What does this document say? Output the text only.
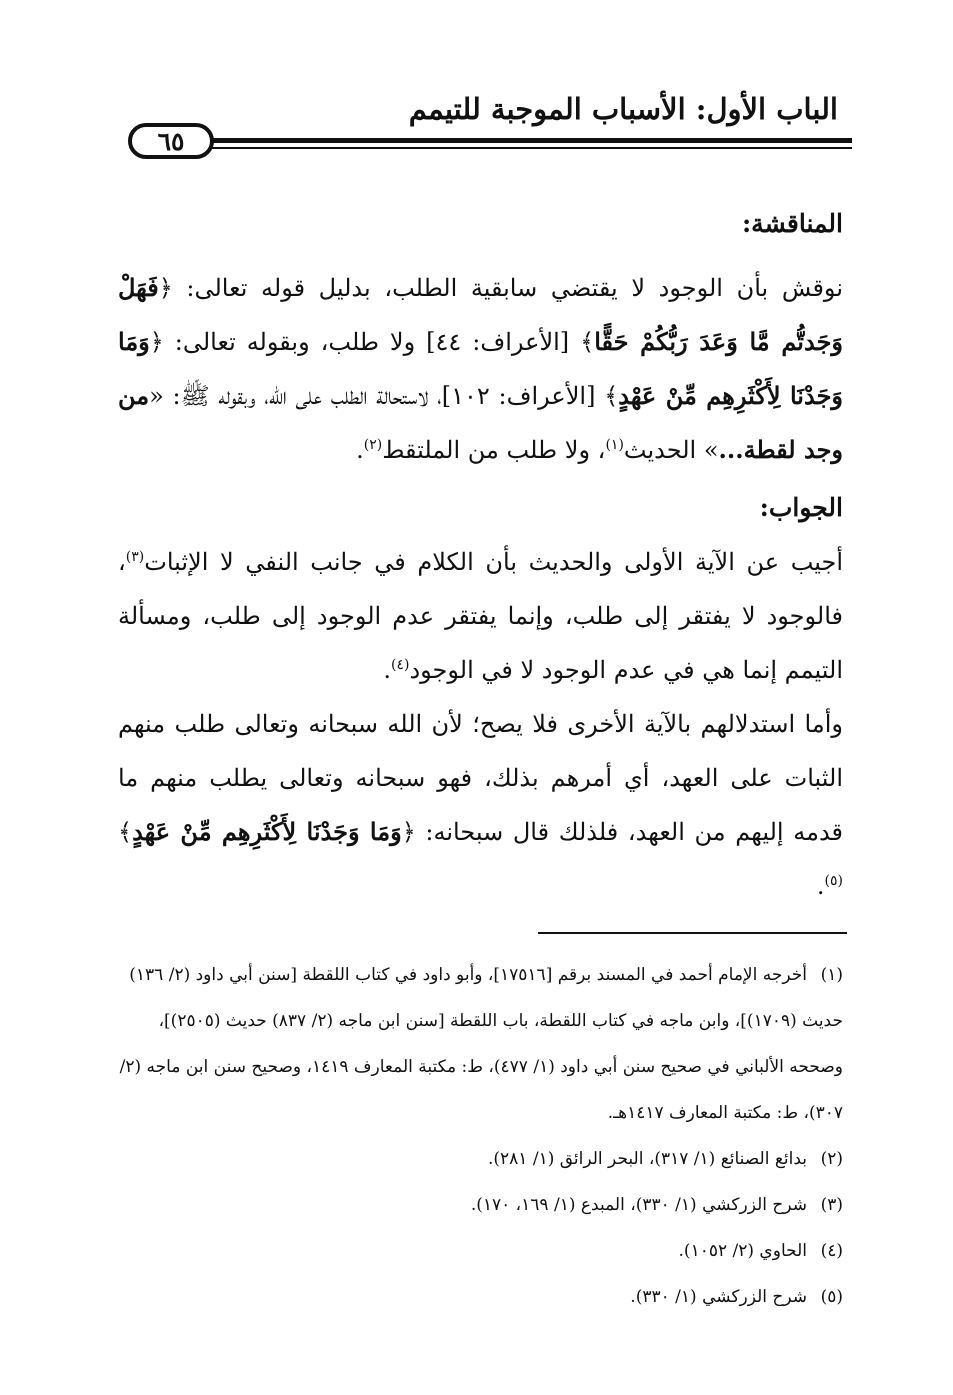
الباب الأول: الأسباب الموجبة للتيمم
٦٥

المناقشة:

نوقش بأن الوجود لا يقتضي سابقية الطلب، بدليل قوله تعالى: ﴿فَهَلْ وَجَدتُّم مَّا وَعَدَ رَبُّكُمْ حَقًّا﴾ [الأعراف: ٤٤] ولا طلب، وبقوله تعالى: ﴿وَمَا وَجَدْنَا لِأَكْثَرِهِم مِّنْ عَهْدٍ﴾ [الأعراف: ١٠٢]، لاستحالة الطلب على الله، وبقوله ﷺ: «من وجد لقطة...» الحديث$^{(١)}$، ولا طلب من الملتقط$^{(٢)}$.

الجواب:

أجيب عن الآية الأولى والحديث بأن الكلام في جانب النفي لا الإثبات$^{(٣)}$، فالوجود لا يفتقر إلى طلب، وإنما يفتقر عدم الوجود إلى طلب، ومسألة التيمم إنما هي في عدم الوجود لا في الوجود$^{(٤)}$.

وأما استدلالهم بالآية الأخرى فلا يصح؛ لأن الله سبحانه وتعالى طلب منهم الثبات على العهد، أي أمرهم بذلك، فهو سبحانه وتعالى يطلب منهم ما قدمه إليهم من العهد، فلذلك قال سبحانه: ﴿وَمَا وَجَدْنَا لِأَكْثَرِهِم مِّنْ عَهْدٍ﴾$^{(٥)}$.

(١)أخرجه الإمام أحمد في المسند برقم [١٧٥١٦]، وأبو داود في كتاب اللقطة [سنن أبي داود (٢/ ١٣٦) حديث (١٧٠٩)]، وابن ماجه في كتاب اللقطة، باب اللقطة [سنن ابن ماجه (٢/ ٨٣٧) حديث (٢٥٠٥)]، وصححه الألباني في صحيح سنن أبي داود (١/ ٤٧٧)، ط: مكتبة المعارف ١٤١٩، وصحيح سنن ابن ماجه (٢/ ٣٠٧)، ط: مكتبة المعارف ١٤١٧هـ.

(٢)بدائع الصنائع (١/ ٣١٧)، البحر الرائق (١/ ٢٨١).

(٣)شرح الزركشي (١/ ٣٣٠)، المبدع (١/ ١٦٩، ١٧٠).

(٤)الحاوي (٢/ ١٠٥٢).

(٥)شرح الزركشي (١/ ٣٣٠).
